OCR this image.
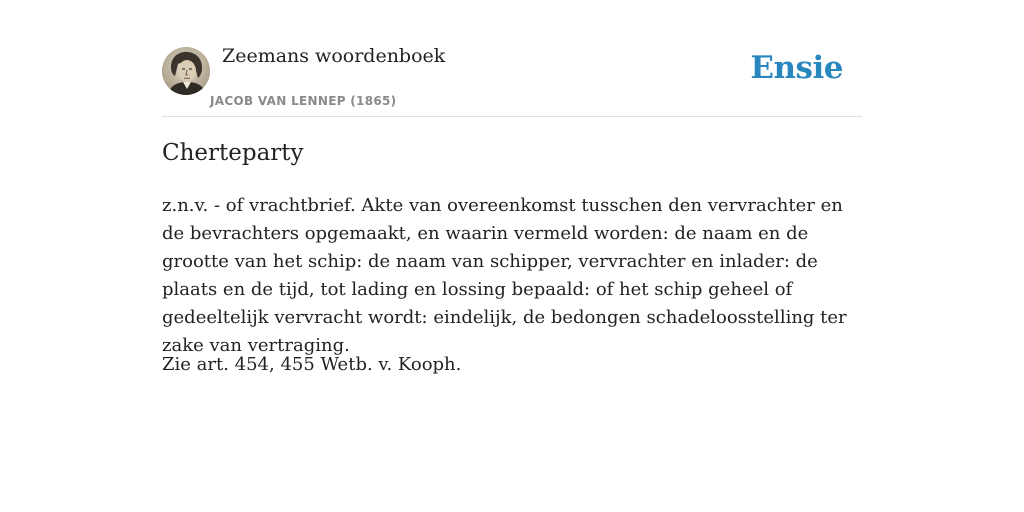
Zeemans woordenboek
JACOB VAN LENNEP (1865)
Ensie
Cherteparty

z.n.v. - of vrachtbrief. Akte van overeenkomst tusschen den vervrachter en de bevrachters opgemaakt, en waarin vermeld worden: de naam en de grootte van het schip: de naam van schipper, vervrachter en inlader: de plaats en de tijd, tot lading en lossing bepaald: of het schip geheel of gedeeltelijk vervracht wordt: eindelijk, de bedongen schadeloosstelling ter zake van vertraging.

Zie art. 454, 455 Wetb. v. Kooph.
